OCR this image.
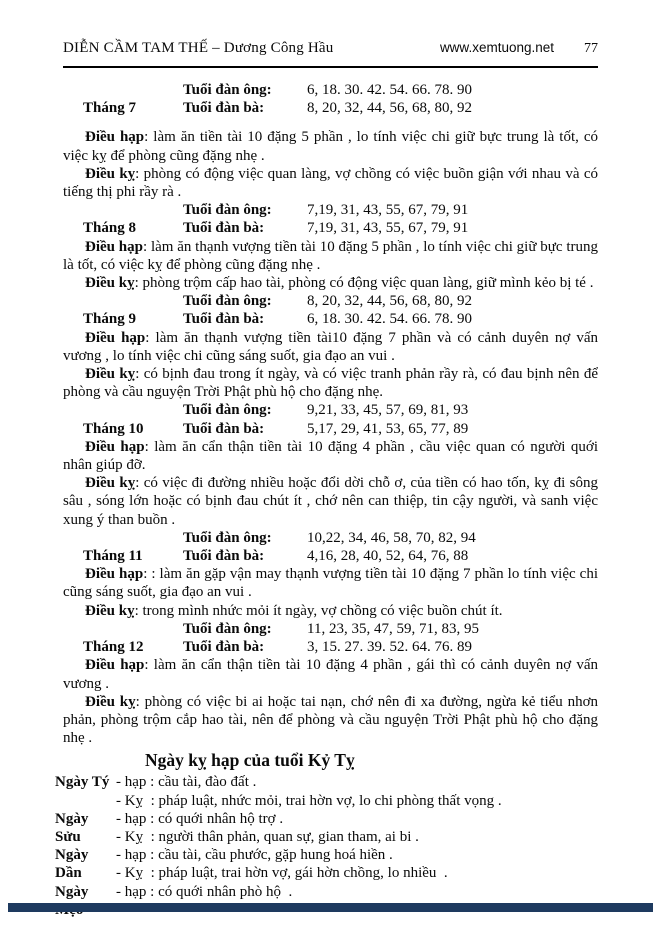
DIỄN CẦM TAM THẾ – Dương Công Hầu	www.xemtuong.net 77
Tuổi đàn ông:	6, 18. 30. 42. 54. 66. 78. 90
Tháng 7	Tuổi đàn bà:	8, 20, 32, 44, 56, 68, 80, 92

Điều hạp: làm ăn tiền tài 10 đặng 5 phần , lo tính việc chi giữ bực trung là tốt, có việc kỵ để phòng cũng đặng nhẹ .

Điều kỵ: phòng có động việc quan làng, vợ chồng có việc buồn giận với nhau và có tiếng thị phi rầy rà .

Tuổi đàn ông:	7,19, 31, 43, 55, 67, 79, 91
Tháng 8	Tuổi đàn bà:	7,19, 31, 43, 55, 67, 79, 91

Điều hạp: làm ăn thạnh vượng tiền tài 10 đặng 5 phần , lo tính việc chi giữ bực trung là tốt, có việc kỵ để phòng cũng đặng nhẹ .

Điều kỵ: phòng trộm cấp hao tài, phòng có động việc quan làng, giữ mình kẻo bị té .

Tuổi đàn ông:	8, 20, 32, 44, 56, 68, 80, 92
Tháng 9	Tuổi đàn bà:	6, 18. 30. 42. 54. 66. 78. 90

Điều hạp: làm ăn thạnh vượng tiền tài10 đặng 7 phần và có cảnh duyên nợ vấn vương , lo tính việc chi cũng sáng suốt, gia đạo an vui .

Điều kỵ: có bịnh đau trong ít ngày, và có việc tranh phản rầy rà, có đau bịnh nên để phòng và cầu nguyện Trời Phật phù hộ cho đặng nhẹ.

Tuổi đàn ông:	9,21, 33, 45, 57, 69, 81, 93
Tháng 10	Tuổi đàn bà:	5,17, 29, 41, 53, 65, 77, 89

Điều hạp: làm ăn cẩn thận tiền tài 10 đặng 4 phần , cầu việc quan có người quới nhân giúp đỡ.

Điều kỵ: có việc đi đường nhiều hoặc đổi dời chỗ ơ, của tiền có hao tốn, kỵ đi sông sâu , sóng lớn hoặc có bịnh đau chút ít , chớ nên can thiệp, tin cậy người, và sanh việc xung ý than buồn .

Tuổi đàn ông:	10,22, 34, 46, 58, 70, 82, 94
Tháng 11	Tuổi đàn bà:	4,16, 28, 40, 52, 64, 76, 88

Điều hạp: : làm ăn gặp vận may thạnh vượng tiền tài 10 đặng 7 phần lo tính việc chi cũng sáng suốt, gia đạo an vui .

Điều kỵ: trong mình nhức mỏi ít ngày, vợ chồng có việc buồn chút ít.

Tuổi đàn ông:	11, 23, 35, 47, 59, 71, 83, 95
Tháng 12	Tuổi đàn bà:	3, 15. 27. 39. 52. 64. 76. 89

Điều hạp: làm ăn cẩn thận tiền tài 10 đặng 4 phần , gái thì có cảnh duyên nợ vấn vương .

Điều kỵ: phòng có việc bi ai hoặc tai nạn, chớ nên đi xa đường, ngừa kẻ tiểu nhơn phản, phòng trộm cắp hao tài, nên để phòng và cầu nguyện Trời Phật phù hộ cho đặng nhẹ .

Ngày kỵ hạp của tuổi Kỷ Tỵ
Ngày Tý - hạp : cầu tài, đào đất .
- Kỵ  : pháp luật, nhức mỏi, trai hờn vợ, lo chi phòng thất vọng .
Ngày Sửu
- hạp : có quới nhân hộ trợ .
- Kỵ  : người thân phản, quan sự, gian tham, ai bi .
Ngày Dần
- hạp : cầu tài, cầu phước, gặp hung hoá hiền .
- Kỵ  : pháp luật, trai hờn vợ, gái hờn chồng, lo nhiều  .
Ngày	- hạp : có quới nhân phò hộ  .
